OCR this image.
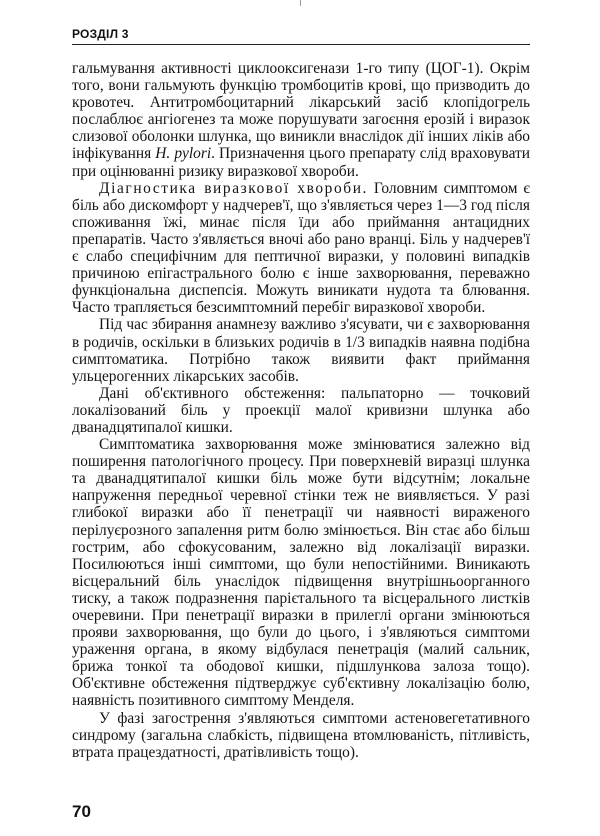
РОЗДІЛ 3

гальмування активності циклооксигенази 1-го типу (ЦОГ-1). Окрім того, вони гальмують функцію тромбоцитів крові, що призводить до кровотеч. Антитромбоцитарний лікарський засіб клопідогрель послаблює ангіогенез та може порушувати загоєння ерозій і виразок слизової оболонки шлунка, що виникли внаслідок дії інших ліків або інфікування H. pylori. Призначення цього препарату слід враховувати при оцінюванні ризику виразкової хвороби.

Діагностика виразкової хвороби. Головним симптомом є біль або дискомфорт у надчерев'ї, що з'являється через 1—3 год після споживання їжі, минає після їди або приймання антацидних препаратів. Часто з'являється вночі або рано вранці. Біль у надчерев'ї є слабо специфічним для пептичної виразки, у половині випадків причиною епігастрального болю є інше захворювання, переважно функціональна диспепсія. Можуть виникати нудота та блювання. Часто трапляється безсимптомний перебіг виразкової хвороби.

Під час збирання анамнезу важливо з'ясувати, чи є захворювання в родичів, оскільки в близьких родичів в 1/3 випадків наявна подібна симптоматика. Потрібно також виявити факт приймання ульцерогенних лікарських засобів.

Дані об'єктивного обстеження: пальпаторно — точковий локалізований біль у проекції малої кривизни шлунка або дванадцятипалої кишки.

Симптоматика захворювання може змінюватися залежно від поширення патологічного процесу. При поверхневій виразці шлунка та дванадцятипалої кишки біль може бути відсутнім; локальне напруження передньої черевної стінки теж не виявляється. У разі глибокої виразки або її пенетрації чи наявності вираженого перілуєрозного запалення ритм болю змінюється. Він стає або більш гострим, або сфокусованим, залежно від локалізації виразки. Посилюються інші симптоми, що були непостійними. Виникають вісцеральний біль унаслідок підвищення внутрішньоорганного тиску, а також подразнення парієтального та вісцерального листків очеревини. При пенетрації виразки в прилеглі органи змінюються прояви захворювання, що були до цього, і з'являються симптоми ураження органа, в якому відбулася пенетрація (малий сальник, брижа тонкої та ободової кишки, підшлункова залоза тощо). Об'єктивне обстеження підтверджує суб'єктивну локалізацію болю, наявність позитивного симптому Менделя.

У фазі загострення з'являються симптоми астеновегетативного синдрому (загальна слабкість, підвищена втомлюваність, пітливість, втрата працездатності, дратівливість тощо).

70
